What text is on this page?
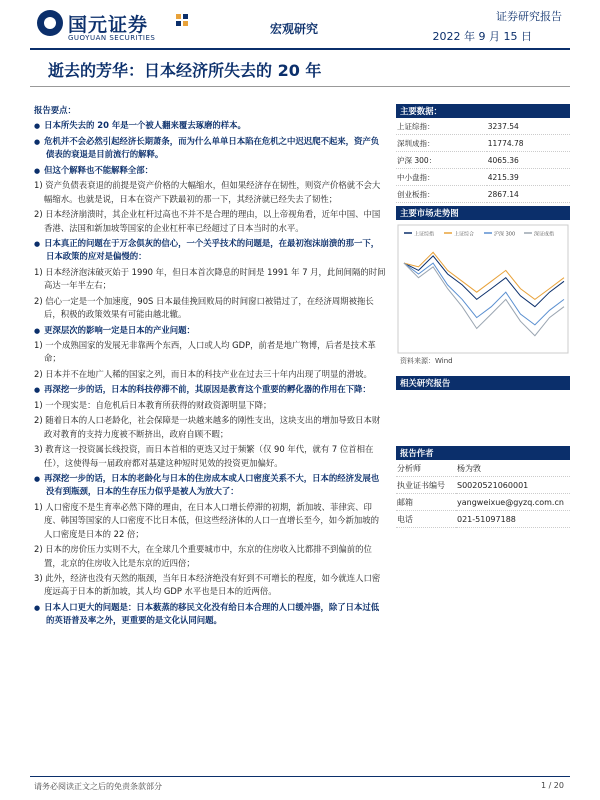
国元证券
GUOYUAN SECURITIES
宏观研究
证券研究报告
2022 年 9 月 15 日
逝去的芳华：日本经济所失去的 20 年

报告要点：

● 日本所失去的 20 年是一个被人翻来覆去琢磨的样本。

● 危机并不会必然引起经济长期萧条，而为什么单单日本陷在危机之中迟迟爬不起来，资产负债表的衰退是目前流行的解释。

● 但这个解释也不能解释全部：

1) 资产负债表衰退的前提是资产价格的大幅缩水，但如果经济存在韧性，则资产价格就不会大幅缩水。也就是说，日本在资产下跌最初的那一下，其经济就已经失去了韧性；

2) 日本经济崩溃时，其企业杠杆过高也不并不是合理的理由，以上帝视角看，近年中国、中国香港、法国和新加坡等国家的企业杠杆率已经超过了日本当时的水平。

● 日本真正的问题在于万念俱灰的信心，一个关乎技术的问题是，在最初泡沫崩溃的那一下，日本政策的应对是偏慢的：

1) 日本经济泡沫破灭始于 1990 年，但日本首次降息的时间是 1991 年 7 月，此间间隔的时间高达一年半左右；

2) 信心一定是一个加速度，90S 日本最佳挽回败局的时间窗口被错过了，在经济周期被拖长后，积极的政策效果有可能由越北辙。

● 更深层次的影响一定是日本的产业问题：

1) 一个成熟国家的发展无非靠两个东西，人口或人均 GDP，前者是地广物博，后者是技术革命；

2) 日本并不在地广人稀的国家之列，而日本的科技产业在过去三十年内出现了明显的滑坡。

● 再深挖一步的话，日本的科技停滞不前，其原因是教育这个重要的孵化器的作用在下降：

1) 一个现实是：自危机后日本教育所获得的财政资源明显下降；

2) 随着日本的人口老龄化，社会保障是一块越来越多的刚性支出，这块支出的增加导致日本财政对教育的支持力度被不断挤出，政府自顾不暇；

3) 教育这一投资属长线投资，而日本首相的更迭又过于频繁（仅 90 年代，就有 7 位首相在任），这使得每一届政府都对基建这种短时见效的投资更加偏好。

● 再深挖一步的话，日本的老龄化与日本的住房成本或人口密度关系不大，日本的经济发展也没有到瓶颈，日本的生存压力似乎是被人为放大了：

1) 人口密度不是生育率必然下降的理由，在日本人口增长停滞的初期，新加坡、菲律宾、印度、韩国等国家的人口密度不比日本低，但这些经济体的人口一直增长至今，如今新加坡的人口密度是日本的 22 倍；

2) 日本的房价压力实则不大，在全球几个重要城市中，东京的住房收入比都排不到偏前的位置，北京的住房收入比是东京的近四倍；

3) 此外，经济也没有天然的瓶颈，当年日本经济绝没有好到不可增长的程度，如今就连人口密度远高于日本的新加坡，其人均 GDP 水平也是日本的近两倍。

● 日本人口更大的问题是：日本薮蒸的移民文化没有给日本合理的人口缓冲器，除了日本过低的英语普及率之外，更重要的是文化认同问题。

主要数据：
上证综指：	3237.54
深圳成指：	11774.78
沪深 300：	4065.36
中小盘指：	4215.39
创业板指：	2867.14
主要市场走势图
上证综指	上证综合	沪深 300	深证成指
资料来源：Wind
相关研究报告
报告作者
分析师	杨为敩
执业证书编号	S0020521060001
邮箱	yangweixue@gyzq.com.cn
电话	021-51097188
请务必阅读正文之后的免责条款部分	1 / 20
